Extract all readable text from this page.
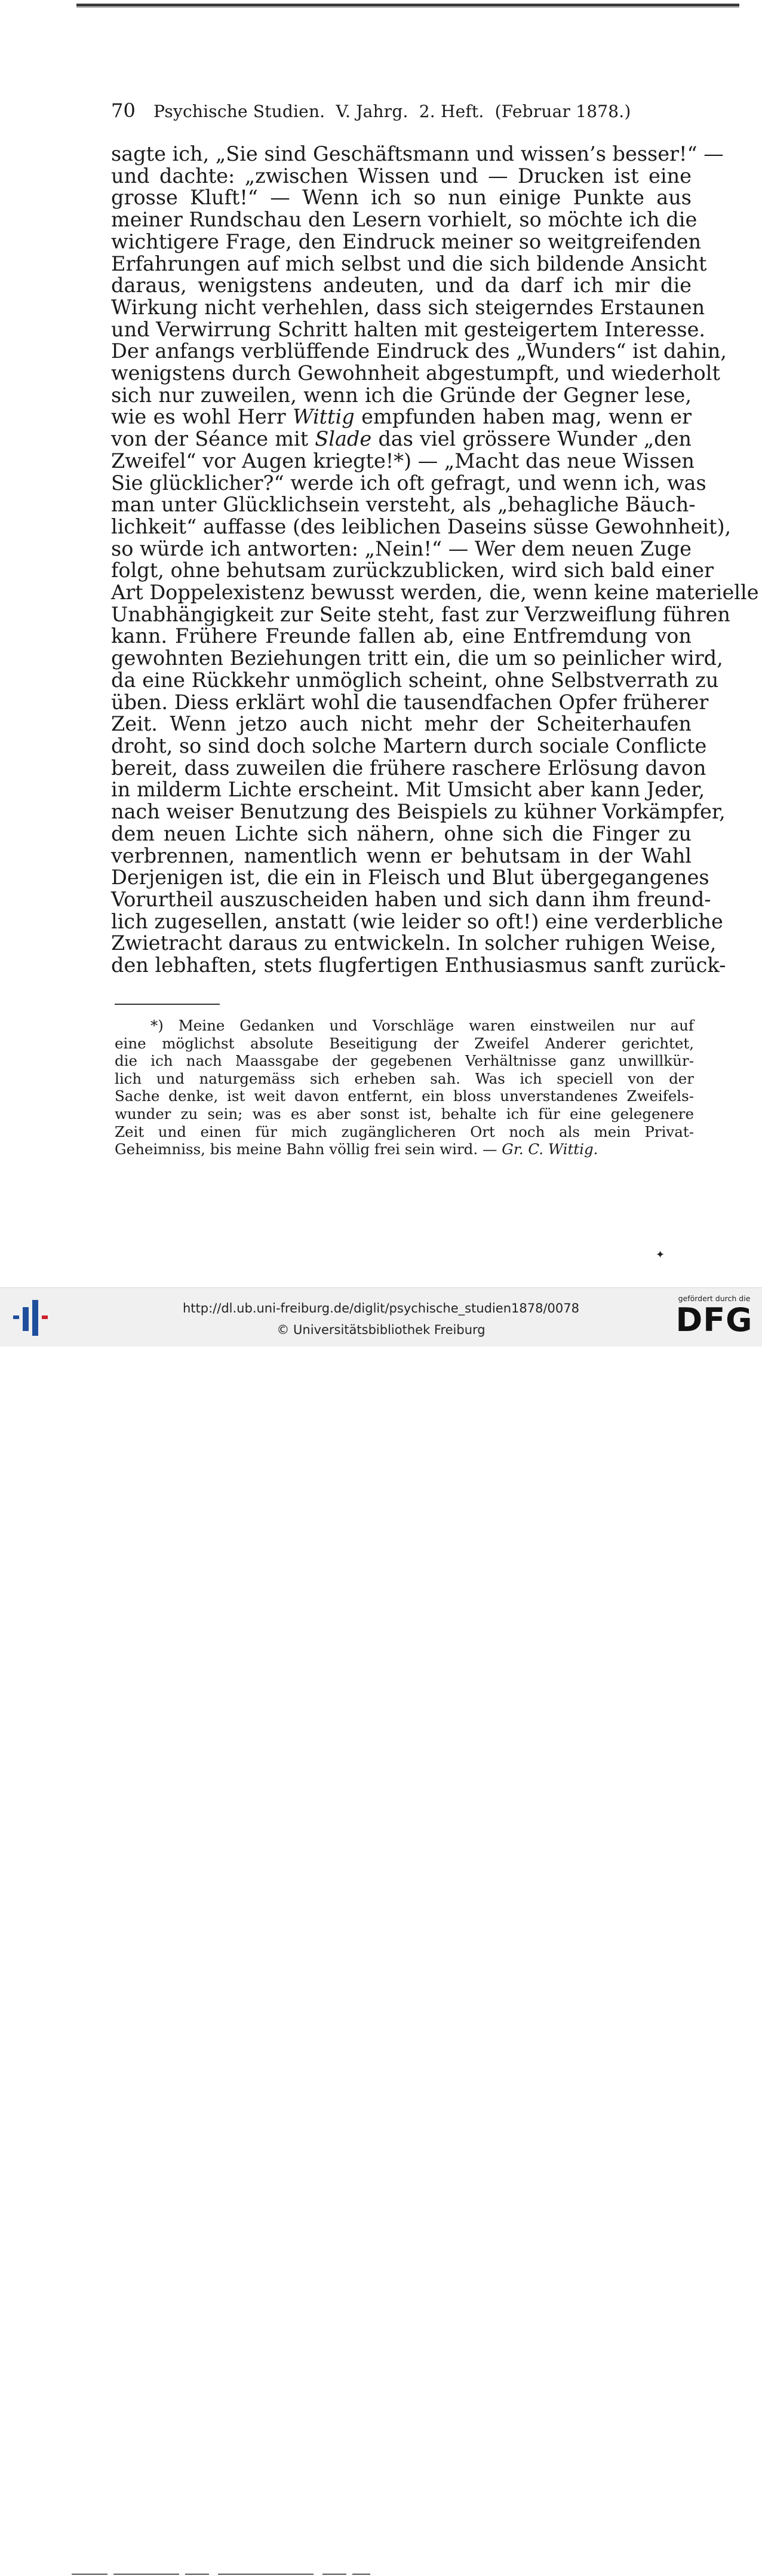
70 Psychische Studien.  V. Jahrg.  2. Heft.  (Februar 1878.)
sagte ich, „Sie sind Geschäftsmann und wissen’s besser!“ —
und dachte: „zwischen Wissen und — Drucken ist eine
grosse Kluft!“ — Wenn ich so nun einige Punkte aus
meiner Rundschau den Lesern vorhielt, so möchte ich die
wichtigere Frage, den Eindruck meiner so weitgreifenden
Erfahrungen auf mich selbst und die sich bildende Ansicht
daraus, wenigstens andeuten, und da darf ich mir die
Wirkung nicht verhehlen, dass sich steigerndes Erstaunen
und Verwirrung Schritt halten mit gesteigertem Interesse.
Der anfangs verblüffende Eindruck des „Wunders“ ist dahin,
wenigstens durch Gewohnheit abgestumpft, und wiederholt
sich nur zuweilen, wenn ich die Gründe der Gegner lese,
wie es wohl Herr Wittig empfunden haben mag, wenn er
von der Séance mit Slade das viel grössere Wunder „den
Zweifel“ vor Augen kriegte!*) — „Macht das neue Wissen
Sie glücklicher?“ werde ich oft gefragt, und wenn ich, was
man unter Glücklichsein versteht, als „behagliche Bäuch-
lichkeit“ auffasse (des leiblichen Daseins süsse Gewohnheit),
so würde ich antworten: „Nein!“ — Wer dem neuen Zuge
folgt, ohne behutsam zurückzublicken, wird sich bald einer
Art Doppelexistenz bewusst werden, die, wenn keine materielle
Unabhängigkeit zur Seite steht, fast zur Verzweiflung führen
kann. Frühere Freunde fallen ab, eine Entfremdung von
gewohnten Beziehungen tritt ein, die um so peinlicher wird,
da eine Rückkehr unmöglich scheint, ohne Selbstverrath zu
üben. Diess erklärt wohl die tausendfachen Opfer früherer
Zeit. Wenn jetzo auch nicht mehr der Scheiterhaufen
droht, so sind doch solche Martern durch sociale Conflicte
bereit, dass zuweilen die frühere raschere Erlösung davon
in milderm Lichte erscheint. Mit Umsicht aber kann Jeder,
nach weiser Benutzung des Beispiels zu kühner Vorkämpfer,
dem neuen Lichte sich nähern, ohne sich die Finger zu
verbrennen, namentlich wenn er behutsam in der Wahl
Derjenigen ist, die ein in Fleisch und Blut übergegangenes
Vorurtheil auszuscheiden haben und sich dann ihm freund-
lich zugesellen, anstatt (wie leider so oft!) eine verderbliche
Zwietracht daraus zu entwickeln. In solcher ruhigen Weise,
den lebhaften, stets flugfertigen Enthusiasmus sanft zurück-
*) Meine Gedanken und Vorschläge waren einstweilen nur auf
eine möglichst absolute Beseitigung der Zweifel Anderer gerichtet,
die ich nach Maassgabe der gegebenen Verhältnisse ganz unwillkür-
lich und naturgemäss sich erheben sah. Was ich speciell von der
Sache denke, ist weit davon entfernt, ein bloss unverstandenes Zweifels-
wunder zu sein; was es aber sonst ist, behalte ich für eine gelegenere
Zeit und einen für mich zugänglicheren Ort noch als mein Privat-
Geheimniss, bis meine Bahn völlig frei sein wird. — Gr. C. Wittig.
✦
http://dl.ub.uni-freiburg.de/diglit/psychische_studien1878/0078
© Universitätsbibliothek Freiburg
gefördert durch die
DFG
